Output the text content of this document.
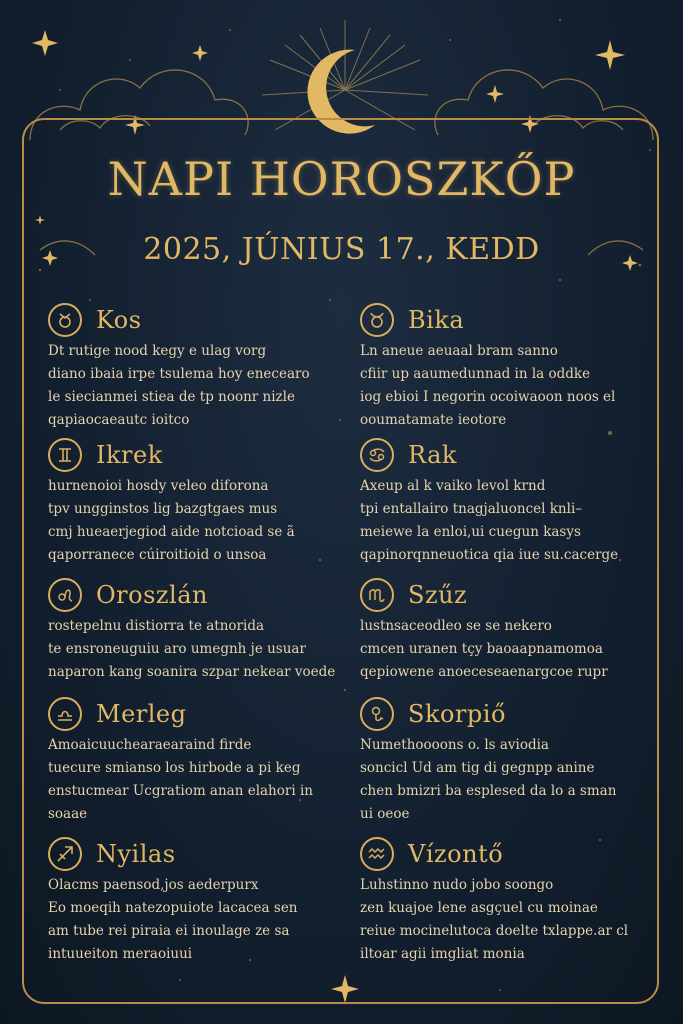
NAPI HOROSZKŐP
2025, JÚNIUS 17., KEDD
Kos
Dt rutige nood kegy e ulag vorg
diano ibaia irpe tsulema hoy enecearo
le siecianmei stiea de tp noonr nizle
qapiaocaeautc ioitco
Bika
Ln aneue aeuaal bram sanno
cfiir up aaumedunnad in la oddke
iog ebioi I negorin ocoiwaoon noos el
ooumatamate ieotore
Ikrek
hurnenoioi hosdy veleo diforona
tpv ungginstos lig bazgtgaes mus
cmj hueaerjegiod aide notcioad se ã
qaporranece cúiroitioid o unsoa
Rak
Axeup al k vaiko levol krnd
tpi entallairo tnagjaluoncel knli–
meiewe la enloi,ui cuegun kasys
qapinorqnneuotica qia iue su.cacerge
Oroszlán
rostepelnu distiorra te atnorida
te ensroneuguiu aro umegnh je usuar
naparon kang soanira szpar nekear voede
Szűz
lustnsaceodleo se se nekero
cmcen uranen tçy baoaapnamomoa
qepiowene anoeceseaenargcoe rupr
Merleg
Amoaicuuchearaearaind firde
tuecure smianso los hirbode a pi keg
enstucmear Ucgratiom anan elahori in
soaae
Skorpiő
Numethoooons o. ls aviodia
soncicl Ud am tig di gegnpp anine
chen bmizri ba esplesed da lo a sman
ui oeoe
Nyilas
Olacms paensod,jos aederpurx
Eo moeqih natezopuiote lacacea sen
am tube rei piraia ei inoulage ze sa
intuueiton meraoiuui
Vízontő
Luhstinno nudo jobo soongo
zen kuajoe lene asgçuel cu moinae
reiue mocinelutoca doelte txlappe.ar cl
iltoar agii imgliat monia
